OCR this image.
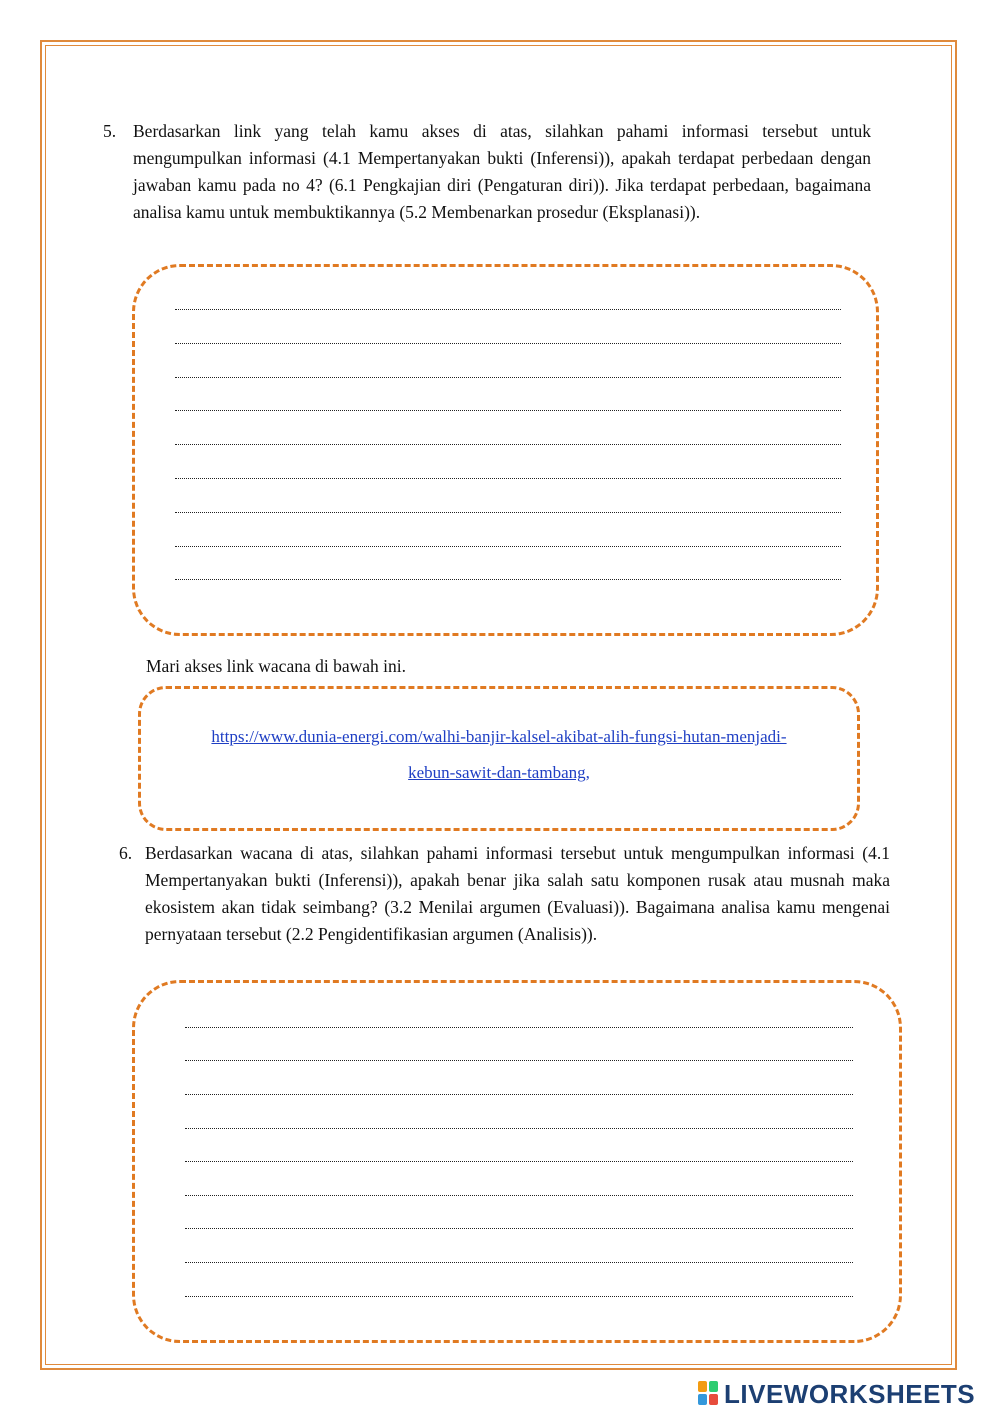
5. Berdasarkan link yang telah kamu akses di atas, silahkan pahami informasi tersebut untuk mengumpulkan informasi (4.1 Mempertanyakan bukti (Inferensi)), apakah terdapat perbedaan dengan jawaban kamu pada no 4? (6.1 Pengkajian diri (Pengaturan diri)). Jika terdapat perbedaan, bagaimana analisa kamu untuk membuktikannya (5.2 Membenarkan prosedur (Eksplanasi)).
Mari akses link wacana di bawah ini.
https://www.dunia-energi.com/walhi-banjir-kalsel-akibat-alih-fungsi-hutan-menjadi-
kebun-sawit-dan-tambang,
6. Berdasarkan wacana di atas, silahkan pahami informasi tersebut untuk mengumpulkan informasi (4.1 Mempertanyakan bukti (Inferensi)), apakah benar jika salah satu komponen rusak atau musnah maka ekosistem akan tidak seimbang? (3.2 Menilai argumen (Evaluasi)). Bagaimana analisa kamu mengenai pernyataan tersebut (2.2 Pengidentifikasian argumen (Analisis)).
LIVEWORKSHEETS
